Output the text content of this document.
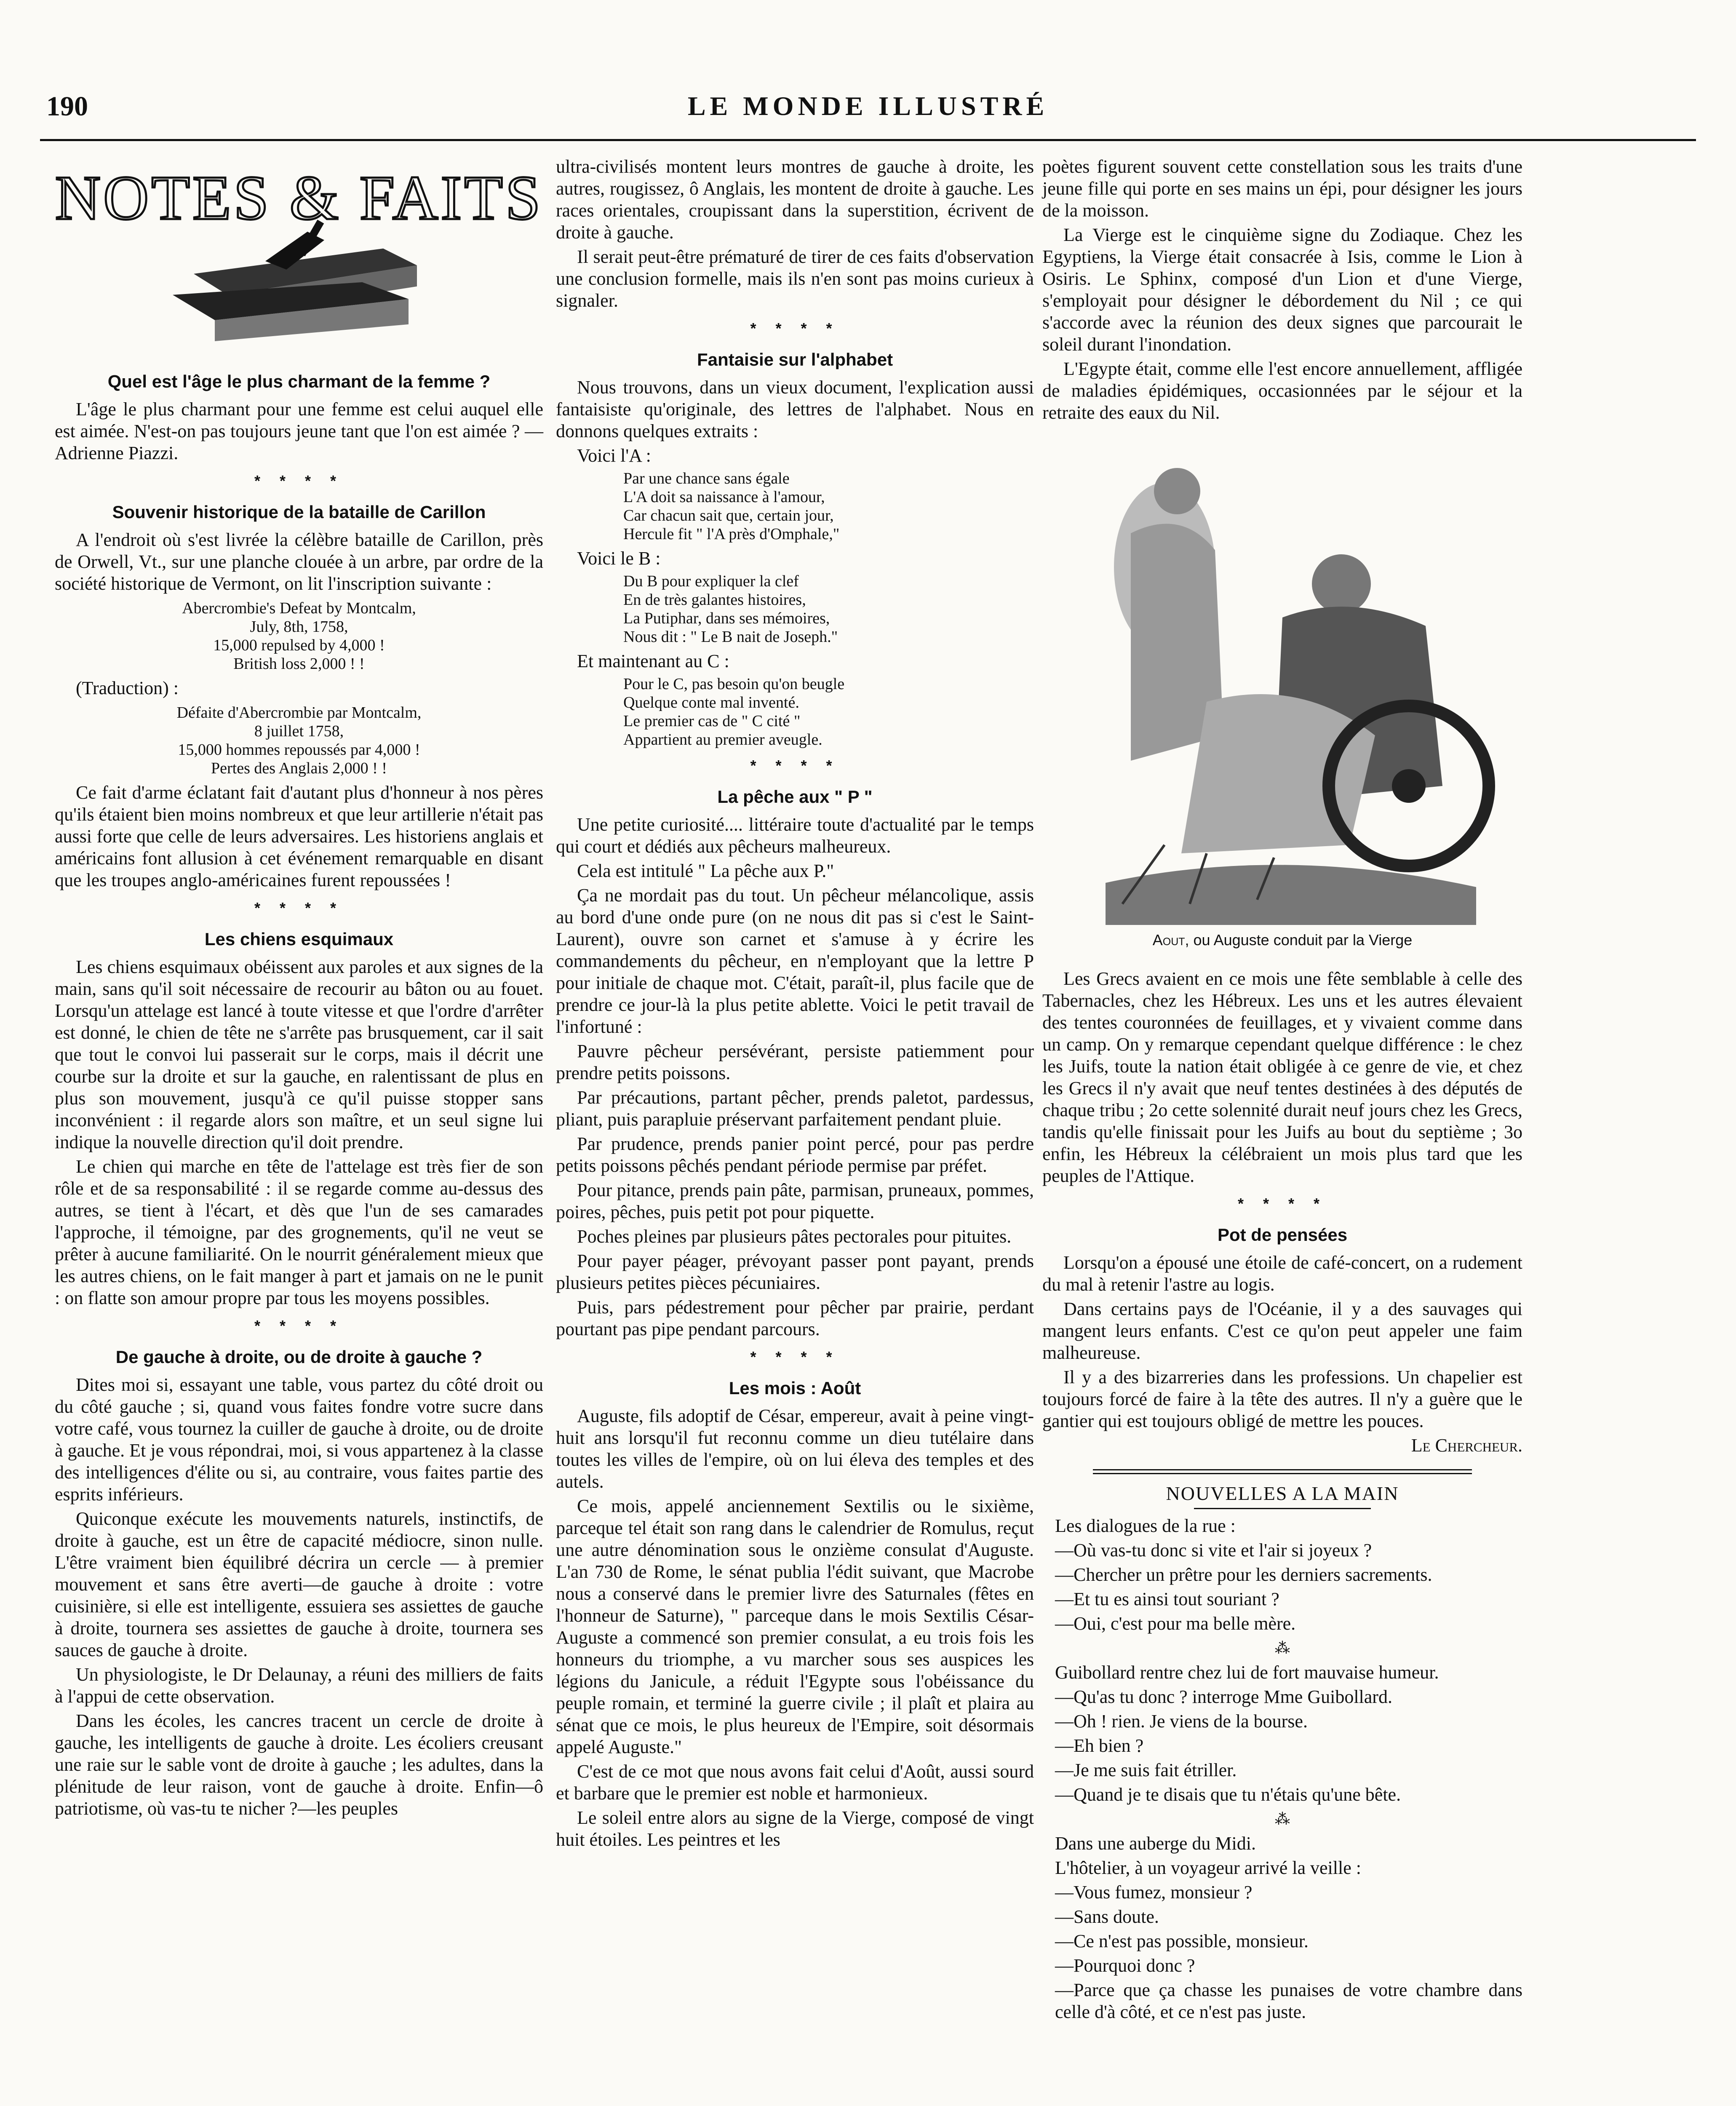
190	LE MONDE ILLUSTRÉ
NOTES & FAITS
Quel est l'âge le plus charmant de la femme ?

L'âge le plus charmant pour une femme est celui auquel elle est aimée. N'est-on pas toujours jeune tant que l'on est aimée ? —Adrienne Piazzi.

* * * *
Souvenir historique de la bataille de Carillon

A l'endroit où s'est livrée la célèbre bataille de Carillon, près de Orwell, Vt., sur une planche clouée à un arbre, par ordre de la société historique de Vermont, on lit l'inscription suivante :

Abercrombie's Defeat by Montcalm,
July, 8th, 1758,
15,000 repulsed by 4,000 !
British loss 2,000 ! !

(Traduction) :

Défaite d'Abercrombie par Montcalm,
8 juillet 1758,
15,000 hommes repoussés par 4,000 !
Pertes des Anglais 2,000 ! !

Ce fait d'arme éclatant fait d'autant plus d'honneur à nos pères qu'ils étaient bien moins nombreux et que leur artillerie n'était pas aussi forte que celle de leurs adversaires. Les historiens anglais et américains font allusion à cet événement remarquable en disant que les troupes anglo-américaines furent repoussées !

* * * *
Les chiens esquimaux

Les chiens esquimaux obéissent aux paroles et aux signes de la main, sans qu'il soit nécessaire de recourir au bâton ou au fouet. Lorsqu'un attelage est lancé à toute vitesse et que l'ordre d'arrêter est donné, le chien de tête ne s'arrête pas brusquement, car il sait que tout le convoi lui passerait sur le corps, mais il décrit une courbe sur la droite et sur la gauche, en ralentissant de plus en plus son mouvement, jusqu'à ce qu'il puisse stopper sans inconvénient : il regarde alors son maître, et un seul signe lui indique la nouvelle direction qu'il doit prendre.

Le chien qui marche en tête de l'attelage est très fier de son rôle et de sa responsabilité : il se regarde comme au-dessus des autres, se tient à l'écart, et dès que l'un de ses camarades l'approche, il témoigne, par des grognements, qu'il ne veut se prêter à aucune familiarité. On le nourrit généralement mieux que les autres chiens, on le fait manger à part et jamais on ne le punit : on flatte son amour propre par tous les moyens possibles.

* * * *
De gauche à droite, ou de droite à gauche ?

Dites moi si, essayant une table, vous partez du côté droit ou du côté gauche ; si, quand vous faites fondre votre sucre dans votre café, vous tournez la cuiller de gauche à droite, ou de droite à gauche. Et je vous répondrai, moi, si vous appartenez à la classe des intelligences d'élite ou si, au contraire, vous faites partie des esprits inférieurs.

Quiconque exécute les mouvements naturels, instinctifs, de droite à gauche, est un être de capacité médiocre, sinon nulle. L'être vraiment bien équilibré décrira un cercle — à premier mouvement et sans être averti—de gauche à droite : votre cuisinière, si elle est intelligente, essuiera ses assiettes de gauche à droite, tournera ses assiettes de gauche à droite, tournera ses sauces de gauche à droite.

Un physiologiste, le Dr Delaunay, a réuni des milliers de faits à l'appui de cette observation.

Dans les écoles, les cancres tracent un cercle de droite à gauche, les intelligents de gauche à droite. Les écoliers creusant une raie sur le sable vont de droite à gauche ; les adultes, dans la plénitude de leur raison, vont de gauche à droite. Enfin—ô patriotisme, où vas-tu te nicher ?—les peuples

ultra-civilisés montent leurs montres de gauche à droite, les autres, rougissez, ô Anglais, les montent de droite à gauche. Les races orientales, croupissant dans la superstition, écrivent de droite à gauche.

Il serait peut-être prématuré de tirer de ces faits d'observation une conclusion formelle, mais ils n'en sont pas moins curieux à signaler.

* * * *
Fantaisie sur l'alphabet

Nous trouvons, dans un vieux document, l'explication aussi fantaisiste qu'originale, des lettres de l'alphabet. Nous en donnons quelques extraits :

Voici l'A :

Par une chance sans égale
L'A doit sa naissance à l'amour,
Car chacun sait que, certain jour,
Hercule fit " l'A près d'Omphale,"

Voici le B :

Du B pour expliquer la clef
En de très galantes histoires,
La Putiphar, dans ses mémoires,
Nous dit : " Le B nait de Joseph."

Et maintenant au C :

Pour le C, pas besoin qu'on beugle
Quelque conte mal inventé.
Le premier cas de " C cité "
Appartient au premier aveugle.
* * * *
La pêche aux " P "

Une petite curiosité.... littéraire toute d'actualité par le temps qui court et dédiés aux pêcheurs malheureux.

Cela est intitulé " La pêche aux P."

Ça ne mordait pas du tout. Un pêcheur mélancolique, assis au bord d'une onde pure (on ne nous dit pas si c'est le Saint-Laurent), ouvre son carnet et s'amuse à y écrire les commandements du pêcheur, en n'employant que la lettre P pour initiale de chaque mot. C'était, paraît-il, plus facile que de prendre ce jour-là la plus petite ablette. Voici le petit travail de l'infortuné :

Pauvre pêcheur persévérant, persiste patiemment pour prendre petits poissons.

Par précautions, partant pêcher, prends paletot, pardessus, pliant, puis parapluie préservant parfaitement pendant pluie.

Par prudence, prends panier point percé, pour pas perdre petits poissons pêchés pendant période permise par préfet.

Pour pitance, prends pain pâte, parmisan, pruneaux, pommes, poires, pêches, puis petit pot pour piquette.

Poches pleines par plusieurs pâtes pectorales pour pituites.

Pour payer péager, prévoyant passer pont payant, prends plusieurs petites pièces pécuniaires.

Puis, pars pédestrement pour pêcher par prairie, perdant pourtant pas pipe pendant parcours.

* * * *
Les mois : Août

Auguste, fils adoptif de César, empereur, avait à peine vingt-huit ans lorsqu'il fut reconnu comme un dieu tutélaire dans toutes les villes de l'empire, où on lui éleva des temples et des autels.

Ce mois, appelé anciennement Sextilis ou le sixième, parceque tel était son rang dans le calendrier de Romulus, reçut une autre dénomination sous le onzième consulat d'Auguste. L'an 730 de Rome, le sénat publia l'édit suivant, que Macrobe nous a conservé dans le premier livre des Saturnales (fêtes en l'honneur de Saturne), " parceque dans le mois Sextilis César-Auguste a commencé son premier consulat, a eu trois fois les honneurs du triomphe, a vu marcher sous ses auspices les légions du Janicule, a réduit l'Egypte sous l'obéissance du peuple romain, et terminé la guerre civile ; il plaît et plaira au sénat que ce mois, le plus heureux de l'Empire, soit désormais appelé Auguste."

C'est de ce mot que nous avons fait celui d'Août, aussi sourd et barbare que le premier est noble et harmonieux.

Le soleil entre alors au signe de la Vierge, composé de vingt huit étoiles. Les peintres et les

poètes figurent souvent cette constellation sous les traits d'une jeune fille qui porte en ses mains un épi, pour désigner les jours de la moisson.

La Vierge est le cinquième signe du Zodiaque. Chez les Egyptiens, la Vierge était consacrée à Isis, comme le Lion à Osiris. Le Sphinx, composé d'un Lion et d'une Vierge, s'employait pour désigner le débordement du Nil ; ce qui s'accorde avec la réunion des deux signes que parcourait le soleil durant l'inondation.

L'Egypte était, comme elle l'est encore annuellement, affligée de maladies épidémiques, occasionnées par le séjour et la retraite des eaux du Nil.

Aout, ou Auguste conduit par la Vierge

Les Grecs avaient en ce mois une fête semblable à celle des Tabernacles, chez les Hébreux. Les uns et les autres élevaient des tentes couronnées de feuillages, et y vivaient comme dans un camp. On y remarque cependant quelque différence : le chez les Juifs, toute la nation était obligée à ce genre de vie, et chez les Grecs il n'y avait que neuf tentes destinées à des députés de chaque tribu ; 2o cette solennité durait neuf jours chez les Grecs, tandis qu'elle finissait pour les Juifs au bout du septième ; 3o enfin, les Hébreux la célébraient un mois plus tard que les peuples de l'Attique.

* * * *
Pot de pensées

Lorsqu'on a épousé une étoile de café-concert, on a rudement du mal à retenir l'astre au logis.

Dans certains pays de l'Océanie, il y a des sauvages qui mangent leurs enfants. C'est ce qu'on peut appeler une faim malheureuse.

Il y a des bizarreries dans les professions. Un chapelier est toujours forcé de faire à la tête des autres. Il n'y a guère que le gantier qui est toujours obligé de mettre les pouces.

Le Chercheur.

NOUVELLES A LA MAIN

Les dialogues de la rue :

—Où vas-tu donc si vite et l'air si joyeux ?

—Chercher un prêtre pour les derniers sacrements.

—Et tu es ainsi tout souriant ?

—Oui, c'est pour ma belle mère.

⁂

Guibollard rentre chez lui de fort mauvaise humeur.

—Qu'as tu donc ? interroge Mme Guibollard.

—Oh ! rien. Je viens de la bourse.

—Eh bien ?

—Je me suis fait étriller.

—Quand je te disais que tu n'étais qu'une bête.

⁂

Dans une auberge du Midi.

L'hôtelier, à un voyageur arrivé la veille :

—Vous fumez, monsieur ?

—Sans doute.

—Ce n'est pas possible, monsieur.

—Pourquoi donc ?

—Parce que ça chasse les punaises de votre chambre dans celle d'à côté, et ce n'est pas juste.
